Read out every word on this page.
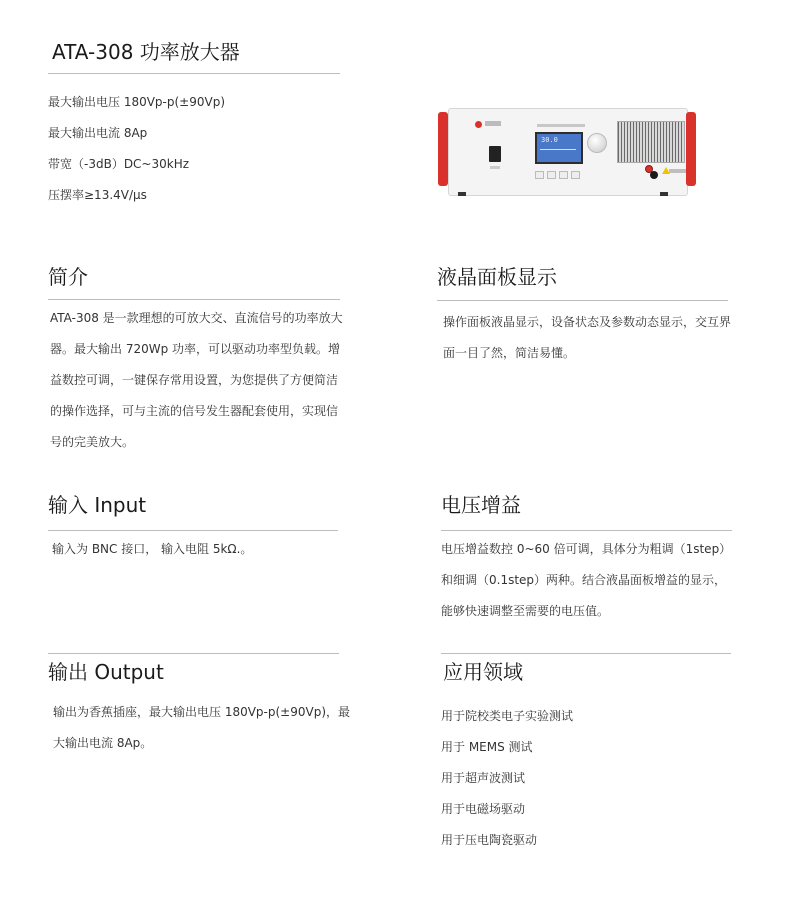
ATA-308 功率放大器
最大输出电压 180Vp-p(±90Vp)
最大输出电流 8Ap
带宽（-3dB）DC~30kHz
压摆率≥13.4V/μs
30.0
简介
ATA-308 是一款理想的可放大交、直流信号的功率放大
器。最大输出 720Wp 功率，可以驱动功率型负载。增
益数控可调，一键保存常用设置，为您提供了方便简洁
的操作选择，可与主流的信号发生器配套使用，实现信
号的完美放大。
液晶面板显示
操作面板液晶显示，设备状态及参数动态显示，交互界
面一目了然，简洁易懂。
输入 Input
输入为 BNC 接口， 输入电阻 5kΩ.。
电压增益
电压增益数控 0~60 倍可调，具体分为粗调（1step）
和细调（0.1step）两种。结合液晶面板增益的显示，
能够快速调整至需要的电压值。
输出 Output
输出为香蕉插座，最大输出电压 180Vp-p(±90Vp)，最
大输出电流 8Ap。
应用领域
用于院校类电子实验测试
用于 MEMS 测试
用于超声波测试
用于电磁场驱动
用于压电陶瓷驱动
